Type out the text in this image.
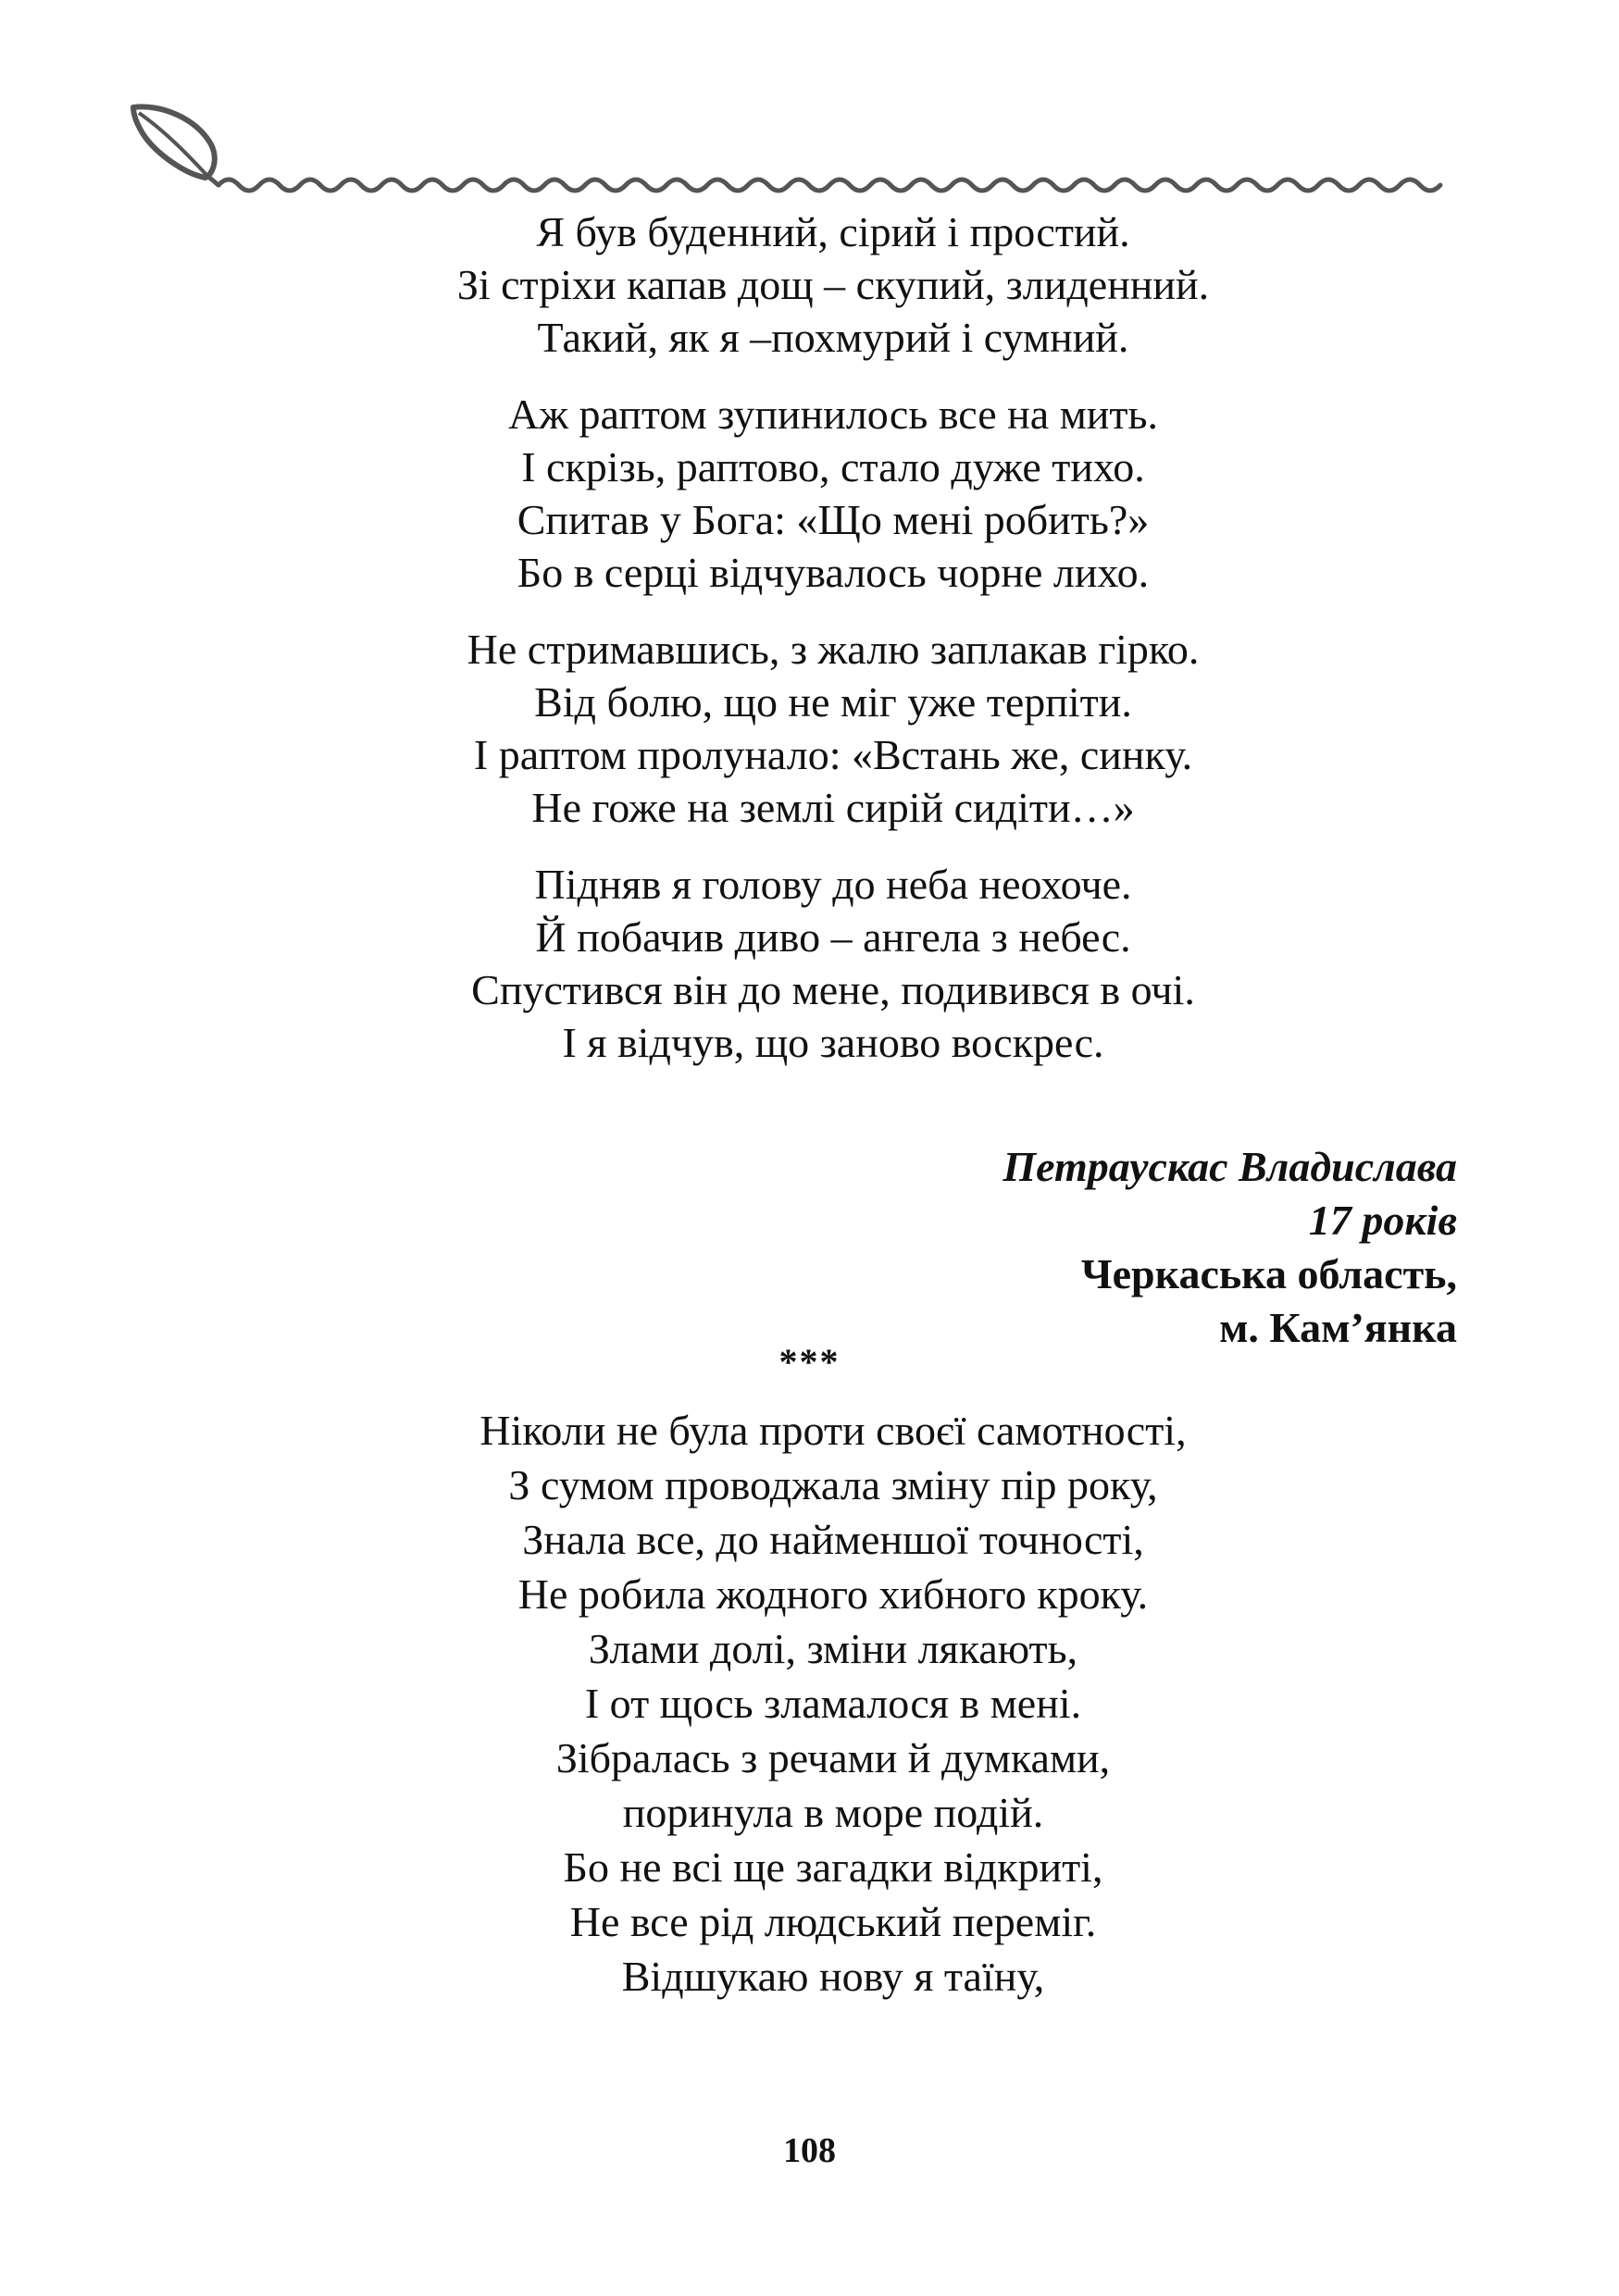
Я був буденний, сірий і простий.
Зі стріхи капав дощ – скупий, злиденний.
Такий, як я –похмурий і сумний.
Аж раптом зупинилось все на мить.
І скрізь, раптово, стало дуже тихо.
Спитав у Бога: «Що мені робить?»
Бо в серці відчувалось чорне лихо.
Не стримавшись, з жалю заплакав гірко.
Від болю, що не міг уже терпіти.
І раптом пролунало: «Встань же, синку.
Не гоже на землі сирій сидіти…»
Підняв я голову до неба неохоче.
Й побачив диво – ангела з небес.
Спустився він до мене, подивився в очі.
І я відчув, що заново воскрес.
Петраускас Владислава
17 років
Черкаська область,
м. Кам’янка
***
Ніколи не була проти своєї самотності,
З сумом проводжала зміну пір року,
Знала все, до найменшої точності,
Не робила жодного хибного кроку.
Злами долі, зміни лякають,
І от щось зламалося в мені.
Зібралась з речами й думками,
поринула в море подій.
Бо не всі ще загадки відкриті,
Не все рід людський переміг.
Відшукаю нову я таїну,
108
